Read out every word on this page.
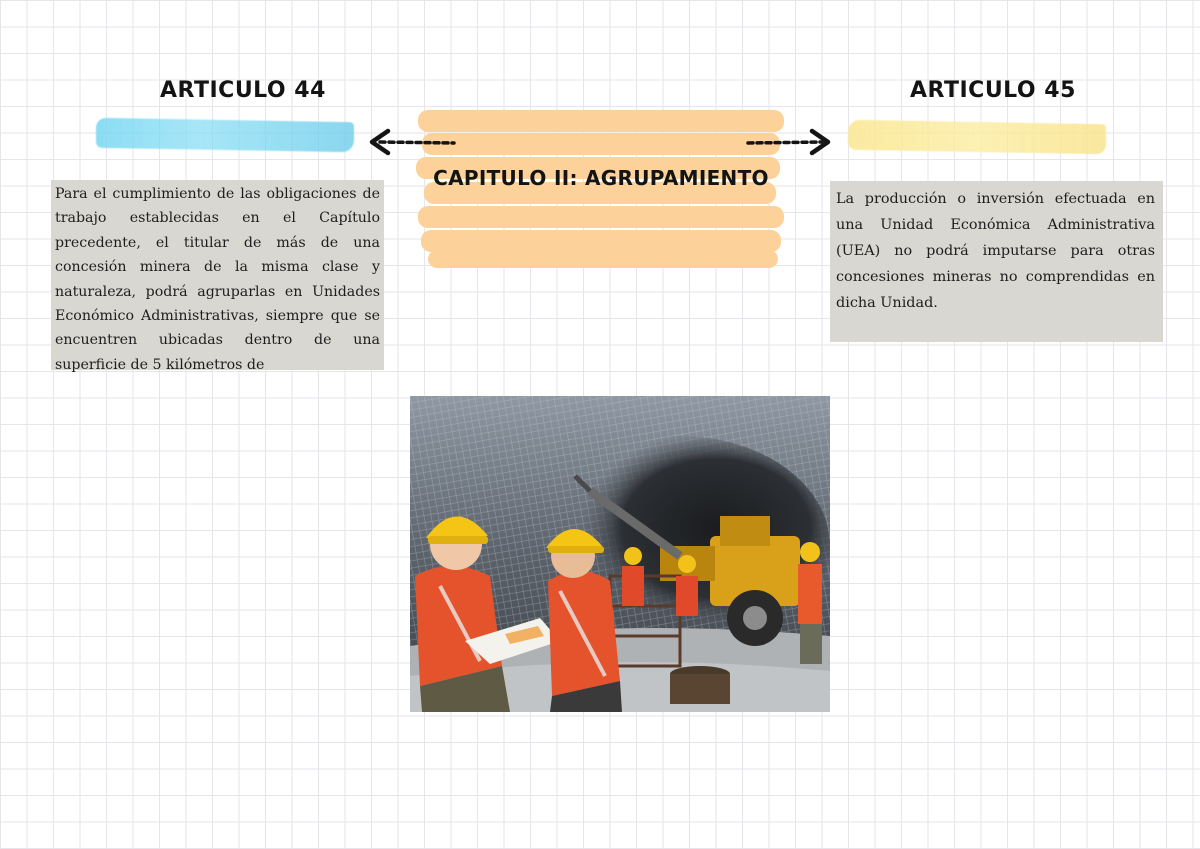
ARTICULO 44	ARTICULO 45
CAPITULO II: AGRUPAMIENTO
Para el cumplimiento de las obligaciones de trabajo establecidas en el Capítulo precedente, el titular de más de una concesión minera de la misma clase y naturaleza, podrá agruparlas en Unidades Económico Administrativas, siempre que se encuentren ubicadas dentro de una superficie de 5 kilómetros de
La producción o inversión efectuada en una Unidad Económica Administrativa (UEA) no podrá imputarse para otras concesiones mineras no comprendidas en dicha Unidad.
